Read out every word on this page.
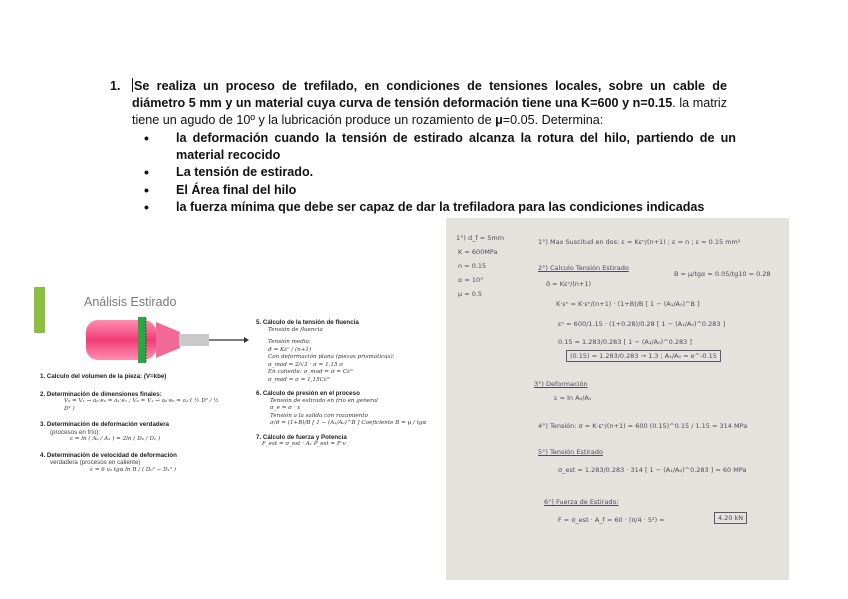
1. Se realiza un proceso de trefilado, en condiciones de tensiones locales, sobre un cable de diámetro 5 mm y un material cuya curva de tensión deformación tiene una K=600 y n=0.15. la matriz tiene un agudo de 10º y la lubricación produce un rozamiento de μ=0.05. Determina:
• la deformación cuando la tensión de estirado alcanza la rotura del hilo, partiendo de un material recocido
• La tensión de estirado.
• El Área final del hilo
• la fuerza mínima que debe ser capaz de dar la trefiladora para las condiciones indicadas
Análisis Estirado
1. Calculo del volumen de la pieza: (V=kbe)
2. Determinación de dimensiones finales:
V₀ = V₁ → a₀·e₀ = a₁·e₁ ; V₀ = V₁ → a₀·e₀ = a₁·( ½ D² / ½ D² )
3. Determinación de deformación verdadera
(procesos en frío):
ε = ln ( A₀ / A₁ ) = 2ln ( D₀ / D₁ )
4. Determinación de velocidad de deformación
verdadera (procesos en caliente)
ε̇ = 6 v₀ tgα ln R / ( D₀³ − D₁³ )
5. Cálculo de la tensión de fluencia
Tensión de fluencia
Tensión media:
σ̄ = Kεⁿ / (n+1)
Con deformación plana (piezas prismáticas):
σ_mod = 2/√3 · σ = 1,15 σ
En caliente: σ_mod = σ = Cε̇ᵐ
σ_mod = σ = 1,15Cε̇ᵐ
6. Cálculo de presión en el proceso
Tensión de estirado en frío en general
σ_e = σ · ε
Tensión a la salida con rozamiento
σ/σ̄ = (1+B)/B [ 1 − (A₁/A₀)^B ] Coeficiente B = μ / tgα
7. Cálculo de fuerza y Potencia
F_est = σ_est · A₁ P_est = F·v
1°) d_f = 5mm
K = 600MPa
n = 0.15
α = 10°
μ = 0.5
1°) Max Suscitud en dos: ε = Kεⁿ/(n+1) ; ε = n ; ε = 0.15 mm²
2°) Calculo Tensión Estirado
σ̄ = Kεⁿ/(n+1)
B = μ/tgα = 0.05/tg10 = 0.28
K·εⁿ = K·εⁿ/(n+1) · (1+B)/B [ 1 − (A₁/A₀)^B ]
εⁿ = 600/1.15 · (1+0.28)/0.28 [ 1 − (A₁/A₀)^0.283 ]
0.15 = 1.283/0.283 [ 1 − (A₁/A₀)^0.283 ]
(0.15) = 1.283/0.283 → 1.3 ; A₁/A₀ = e^-0.15
3°) Deformación
ε = ln A₀/A₁
4°) Tensión: σ = K·εⁿ/(n+1) = 600 (0.15)^0.15 / 1.15 = 314 MPa
5°) Tensión Estirado
σ_est = 1.283/0.283 · 314 [ 1 − (A₁/A₀)^0.283 ] = 60 MPa
6°) Fuerza de Estirado:
F = σ_est · A_f = 60 · (π/4 · 5²) =	4.20 kN
